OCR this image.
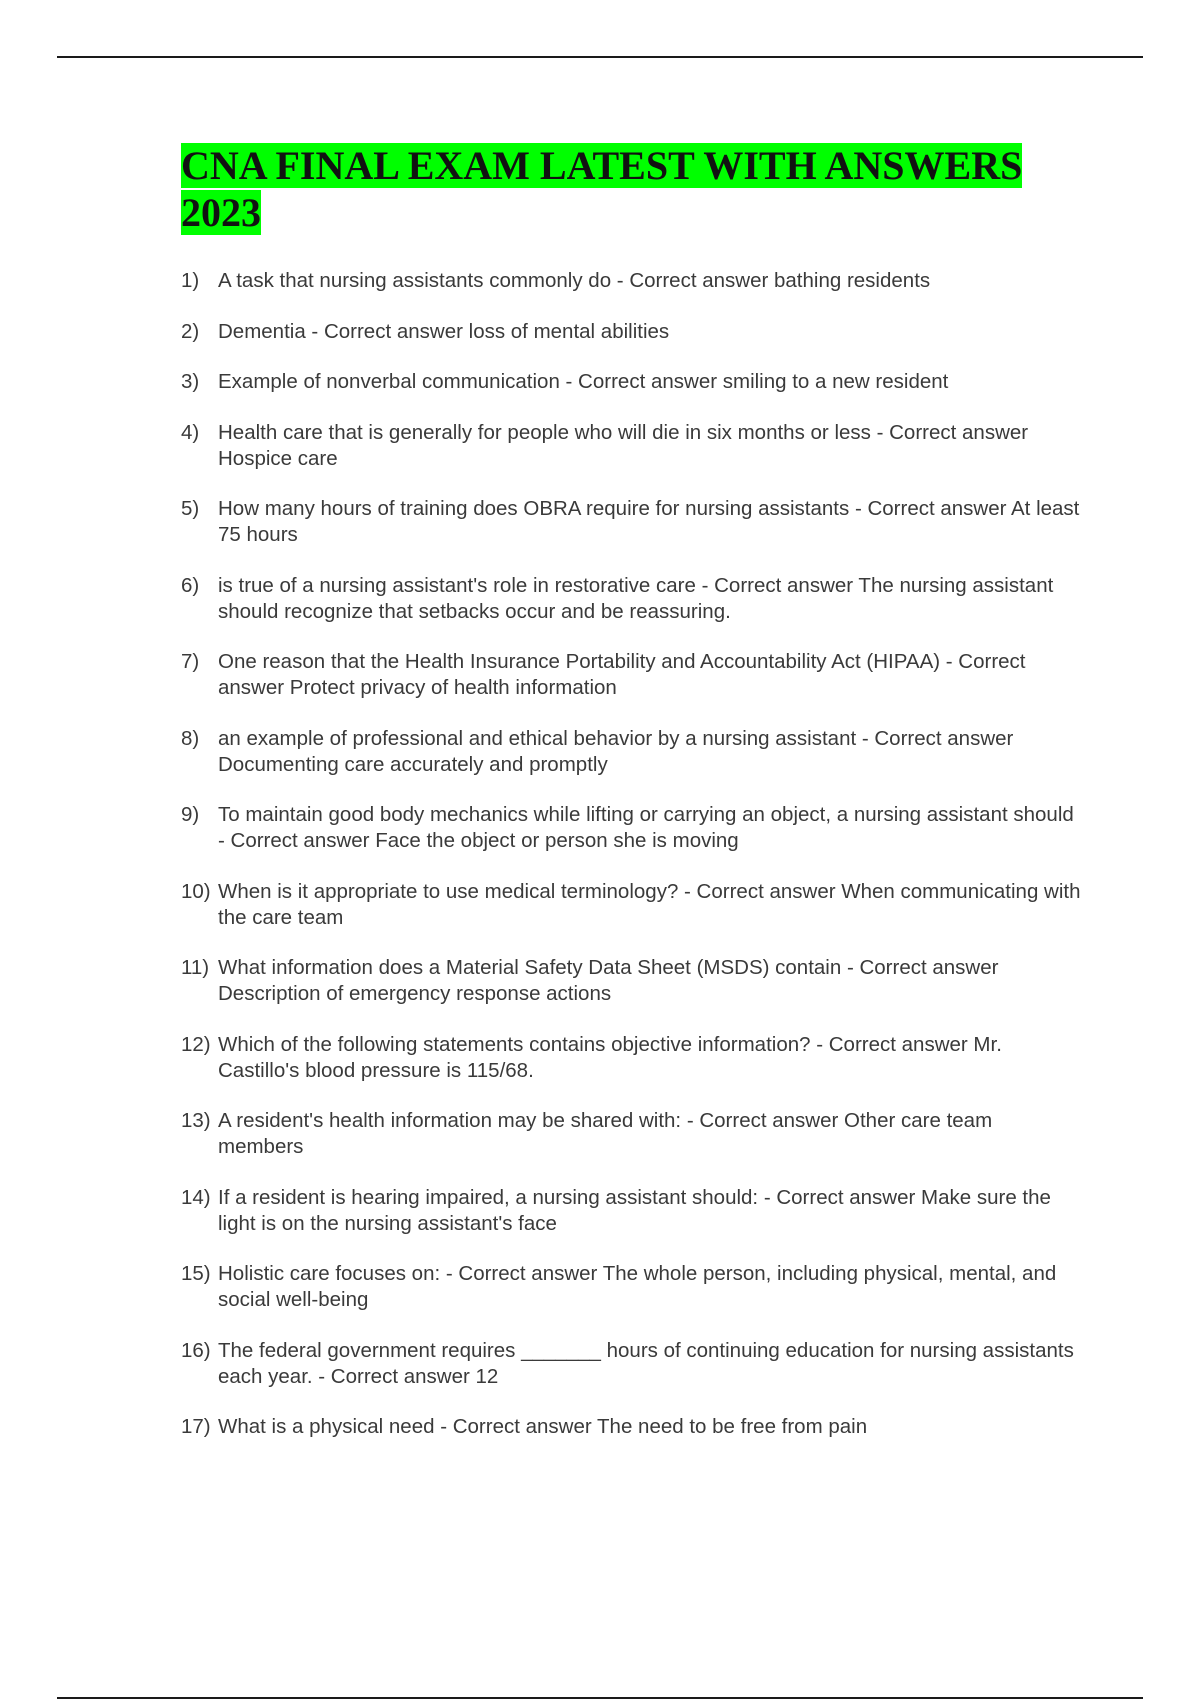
CNA FINAL EXAM LATEST WITH ANSWERS 2023
1) A task that nursing assistants commonly do - Correct answer bathing residents
2) Dementia - Correct answer loss of mental abilities
3) Example of nonverbal communication - Correct answer smiling to a new resident
4) Health care that is generally for people who will die in six months or less - Correct answer Hospice care
5) How many hours of training does OBRA require for nursing assistants - Correct answer At least 75 hours
6) is true of a nursing assistant's role in restorative care - Correct answer The nursing assistant should recognize that setbacks occur and be reassuring.
7) One reason that the Health Insurance Portability and Accountability Act (HIPAA) - Correct answer Protect privacy of health information
8) an example of professional and ethical behavior by a nursing assistant - Correct answer Documenting care accurately and promptly
9) To maintain good body mechanics while lifting or carrying an object, a nursing assistant should - Correct answer Face the object or person she is moving
10) When is it appropriate to use medical terminology? - Correct answer When communicating with the care team
11) What information does a Material Safety Data Sheet (MSDS) contain - Correct answer Description of emergency response actions
12) Which of the following statements contains objective information? - Correct answer Mr. Castillo's blood pressure is 115/68.
13) A resident's health information may be shared with: - Correct answer Other care team members
14) If a resident is hearing impaired, a nursing assistant should: - Correct answer Make sure the light is on the nursing assistant's face
15) Holistic care focuses on: - Correct answer The whole person, including physical, mental, and social well-being
16) The federal government requires _______ hours of continuing education for nursing assistants each year. - Correct answer 12
17) What is a physical need - Correct answer The need to be free from pain
